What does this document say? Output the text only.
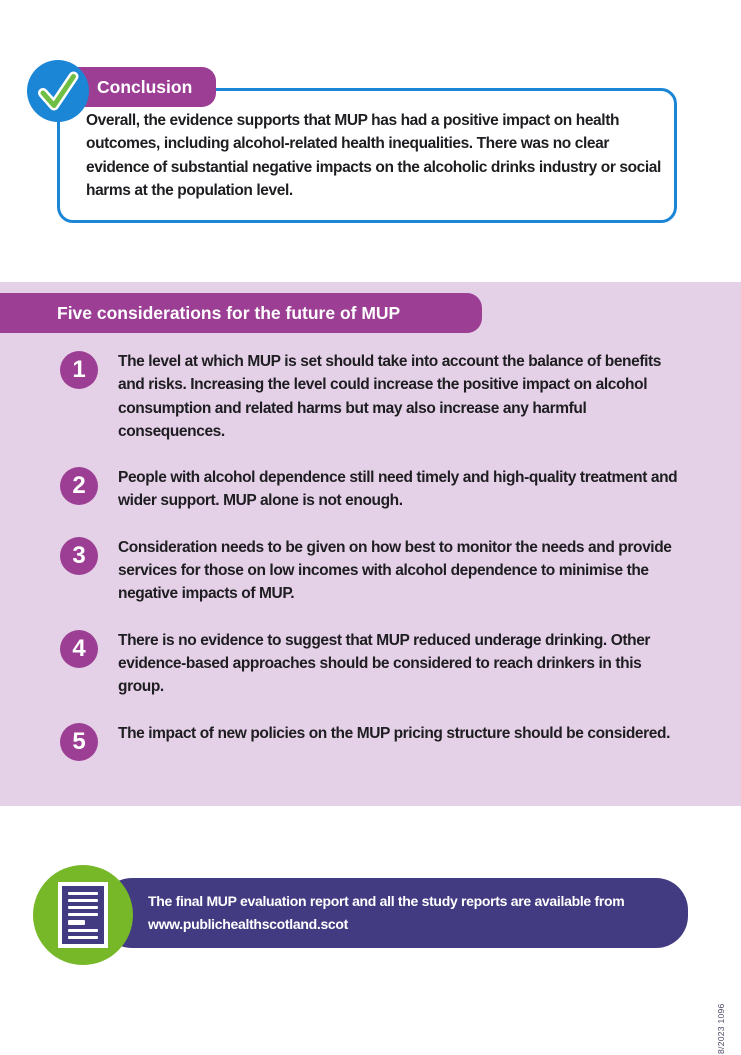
Overall, the evidence supports that MUP has had a positive impact on health outcomes, including alcohol-related health inequalities. There was no clear evidence of substantial negative impacts on the alcoholic drinks industry or social harms at the population level.

Conclusion
Five considerations for the future of MUP
1	The level at which MUP is set should take into account the balance of benefits and risks. Increasing the level could increase the positive impact on alcohol consumption and related harms but may also increase any harmful consequences.

2	People with alcohol dependence still need timely and high-quality treatment and wider support. MUP alone is not enough.

3	Consideration needs to be given on how best to monitor the needs and provide services for those on low incomes with alcohol dependence to minimise the negative impacts of MUP.

4	There is no evidence to suggest that MUP reduced underage drinking. Other evidence-based approaches should be considered to reach drinkers in this group.

5	The impact of new policies on the MUP pricing structure should be considered.

The final MUP evaluation report and all the study reports are available from
www.publichealthscotland.scot

8/2023 1096
